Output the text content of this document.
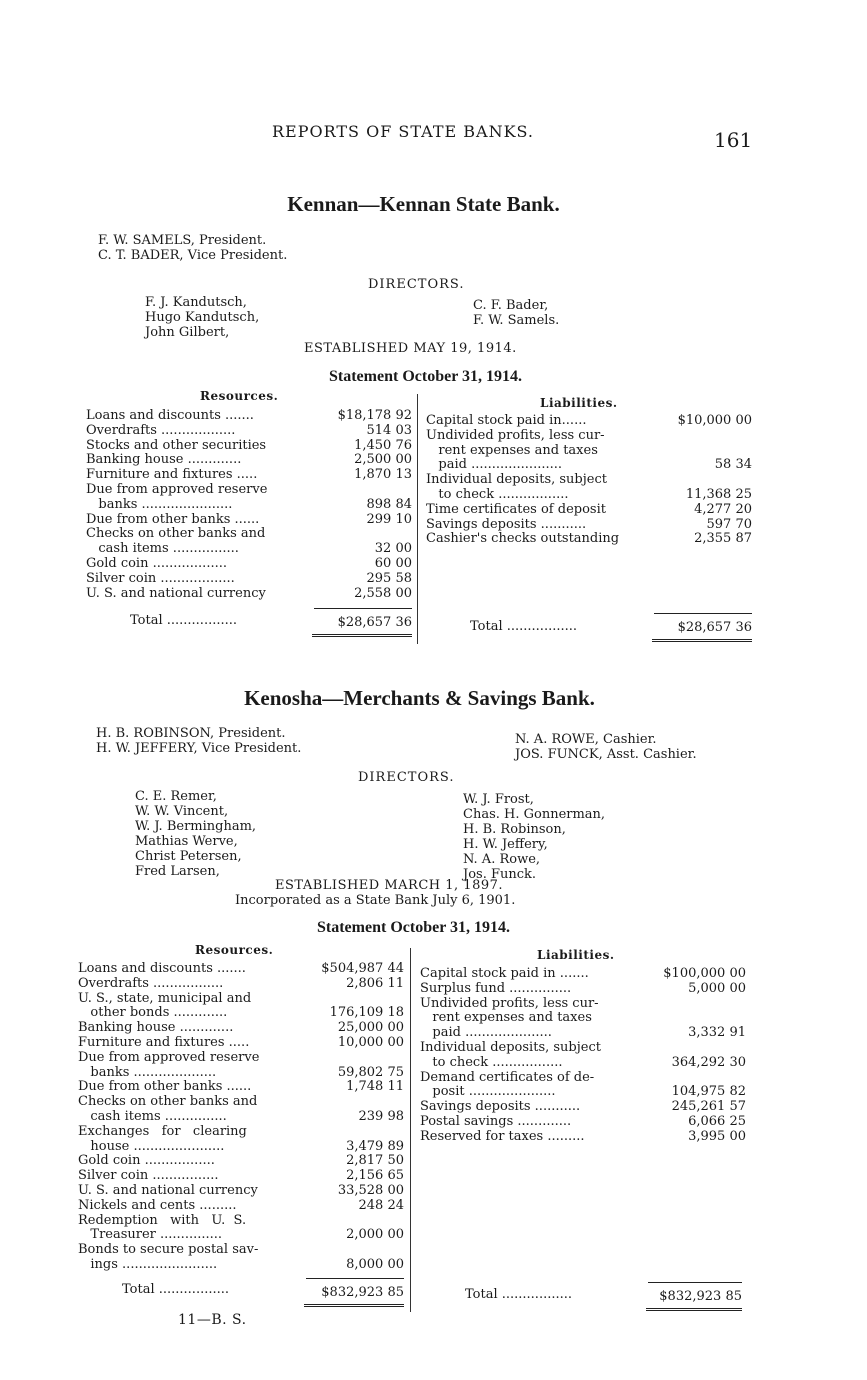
REPORTS OF STATE BANKS.	161
Kennan—Kennan State Bank.
F. W. SAMELS, President.
C. T. BADER, Vice President.
DIRECTORS.
F. J. Kandutsch,
Hugo Kandutsch,
John Gilbert,
C. F. Bader,
F. W. Samels.
ESTABLISHED MAY 19, 1914.
Statement October 31, 1914.
Resources.	Liabilities.
Loans and discounts .......	$18,178 92
Overdrafts ..................	514 03
Stocks and other securities	1,450 76
Banking house .............	2,500 00
Furniture and fixtures .....	1,870 13
Due from approved reserve
banks ......................	898 84
Due from other banks ......	299 10
Checks on other banks and
cash items ................	32 00
Gold coin ..................	60 00
Silver coin ..................	295 58
U. S. and national currency	2,558 00
Capital stock paid in......	$10,000 00
Undivided profits, less cur-
rent expenses and taxes
paid ......................	58 34
Individual deposits, subject
to check .................	11,368 25
Time certificates of deposit	4,277 20
Savings deposits ...........	597 70
Cashier's checks outstanding	2,355 87
Total .................	$28,657 36	Total .................	$28,657 36
Kenosha—Merchants & Savings Bank.
H. B. ROBINSON, President.
H. W. JEFFERY, Vice President.
N. A. ROWE, Cashier.
JOS. FUNCK, Asst. Cashier.
DIRECTORS.
C. E. Remer,
W. W. Vincent,
W. J. Bermingham,
Mathias Werve,
Christ Petersen,
Fred Larsen,
W. J. Frost,
Chas. H. Gonnerman,
H. B. Robinson,
H. W. Jeffery,
N. A. Rowe,
Jos. Funck.
ESTABLISHED MARCH 1, 1897.
Incorporated as a State Bank July 6, 1901.
Statement October 31, 1914.
Resources.	Liabilities.
Loans and discounts .......	$504,987 44
Overdrafts .................	2,806 11
U. S., state, municipal and
other bonds .............	176,109 18
Banking house .............	25,000 00
Furniture and fixtures .....	10,000 00
Due from approved reserve
banks ....................	59,802 75
Due from other banks ......	1,748 11
Checks on other banks and
cash items ...............	239 98
Exchanges   for   clearing
house ......................	3,479 89
Gold coin .................	2,817 50
Silver coin ................	2,156 65
U. S. and national currency	33,528 00
Nickels and cents .........	248 24
Redemption   with   U.  S.
Treasurer ...............	2,000 00
Bonds to secure postal sav-
ings .......................	8,000 00
Capital stock paid in .......	$100,000 00
Surplus fund ...............	5,000 00
Undivided profits, less cur-
rent expenses and taxes
paid .....................	3,332 91
Individual deposits, subject
to check .................	364,292 30
Demand certificates of de-
posit .....................	104,975 82
Savings deposits ...........	245,261 57
Postal savings .............	6,066 25
Reserved for taxes .........	3,995 00
Total .................	$832,923 85	Total .................	$832,923 85
11—B. S.
